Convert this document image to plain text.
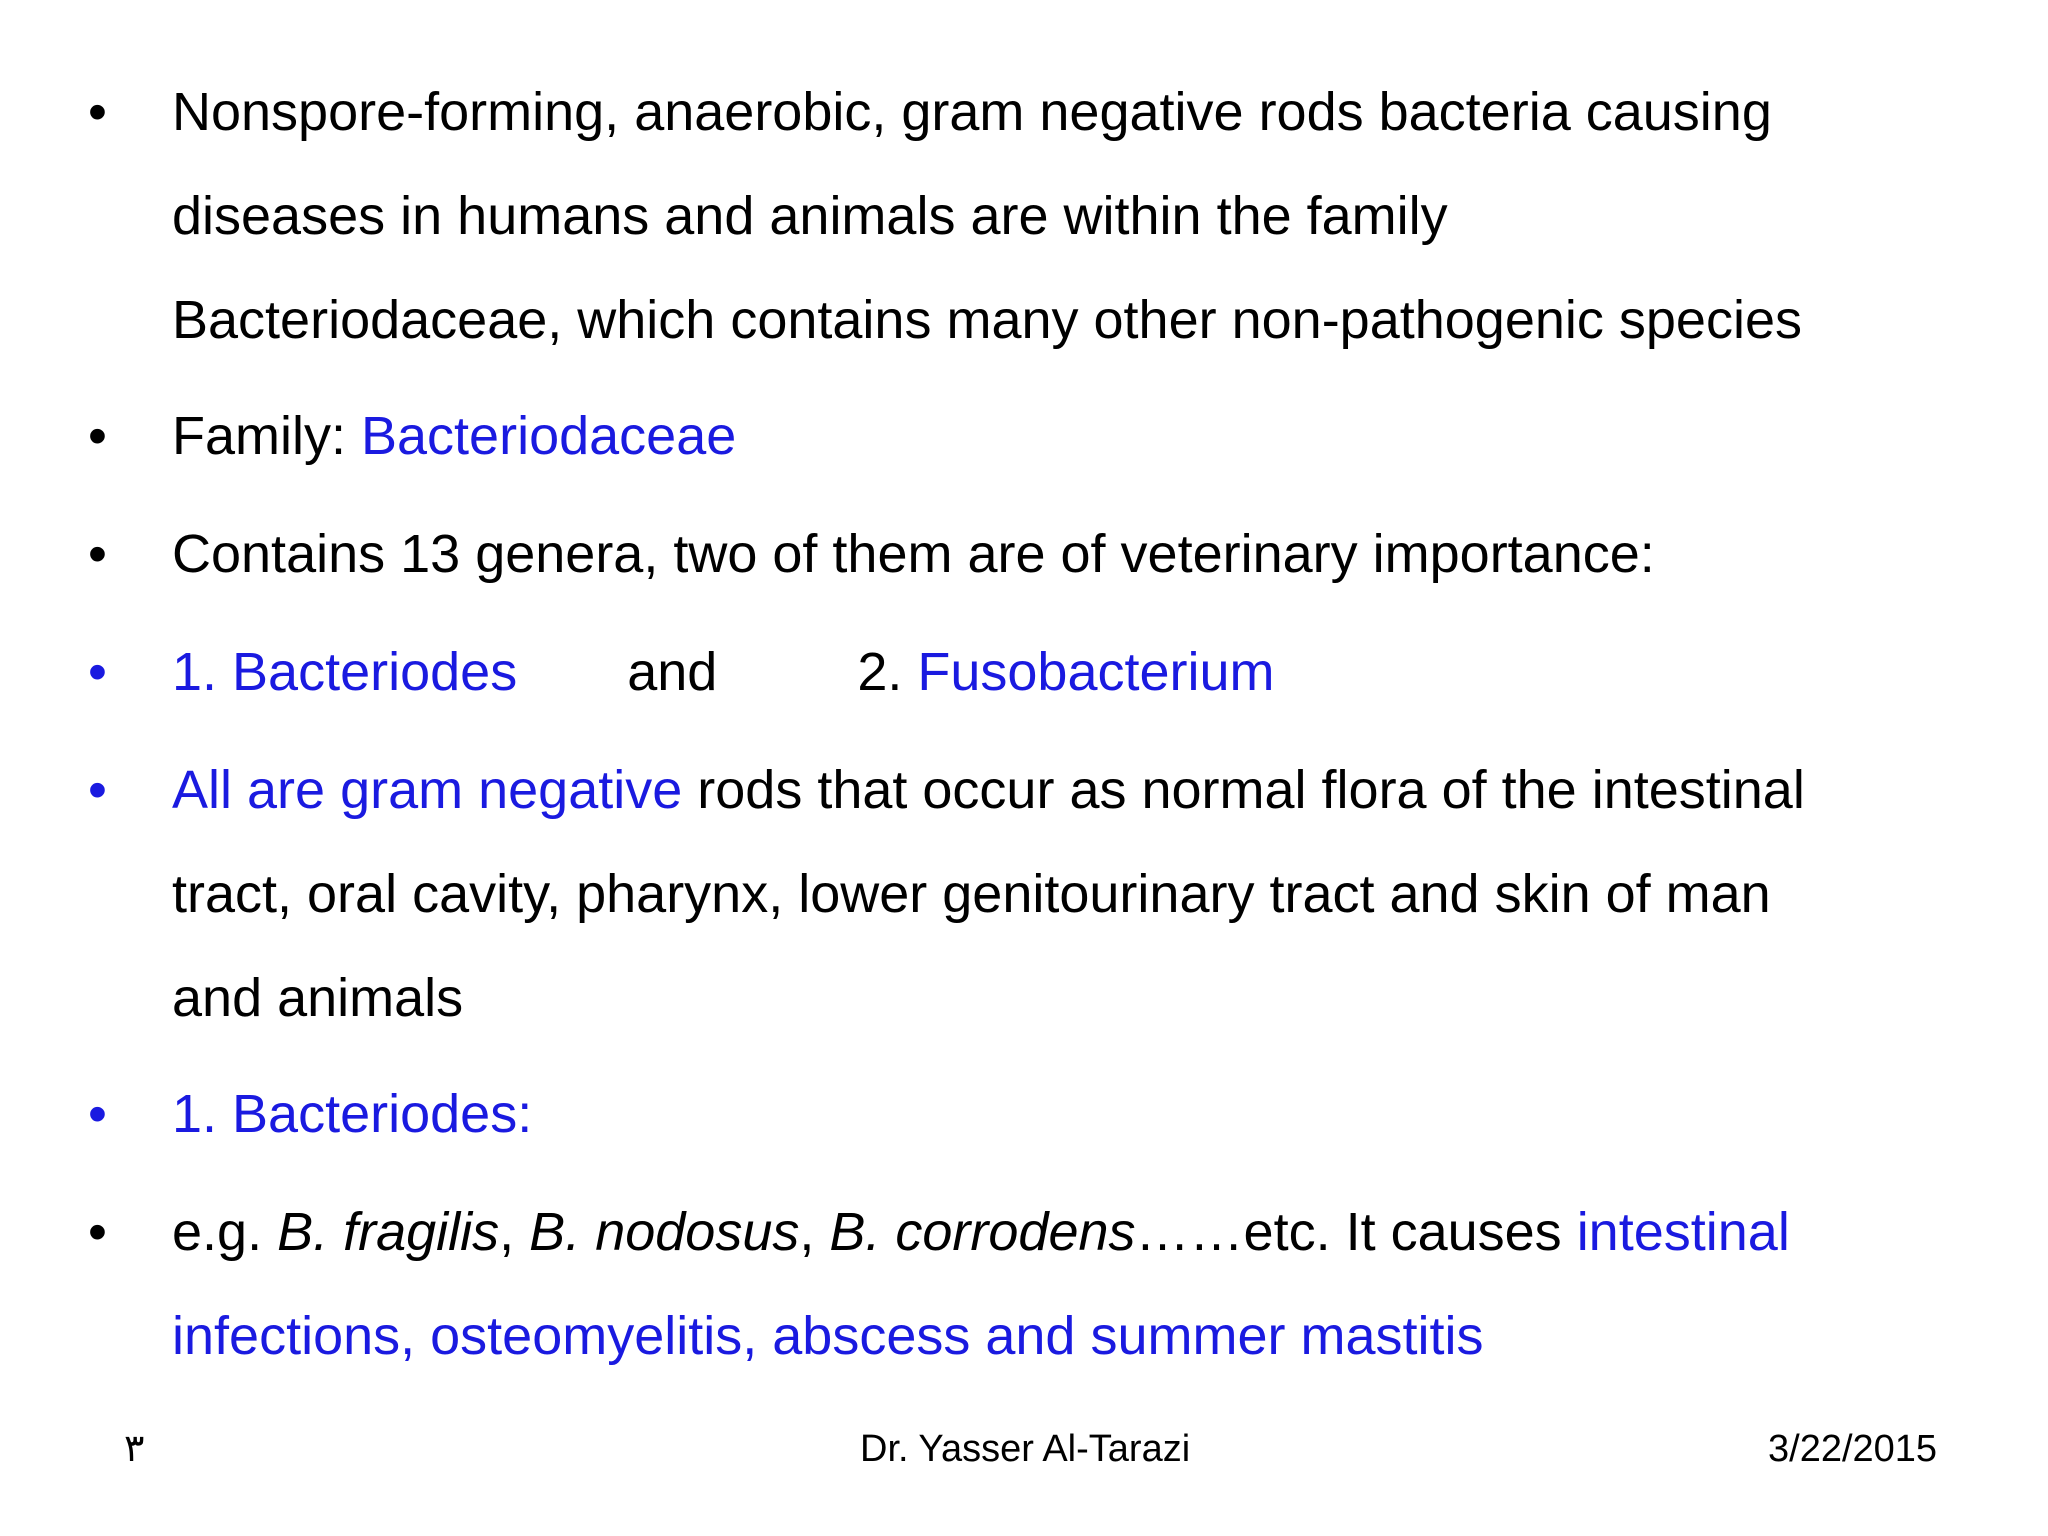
• Nonspore-forming, anaerobic, gram negative rods bacteria causing
diseases in humans and animals are within the family
Bacteriodaceae, which contains many other non-pathogenic species
• Family: Bacteriodaceae
• Contains 13 genera, two of them are of veterinary importance:
• 1. Bacteriodes and	2. Fusobacterium
• All are gram negative rods that occur as normal flora of the intestinal
tract, oral cavity, pharynx, lower genitourinary tract and skin of man
and animals
• 1. Bacteriodes:
• e.g. B. fragilis, B. nodosus, B. corrodens……etc. It causes intestinal
infections, osteomyelitis, abscess and summer mastitis
٣	Dr. Yasser Al-Tarazi	3/22/2015
